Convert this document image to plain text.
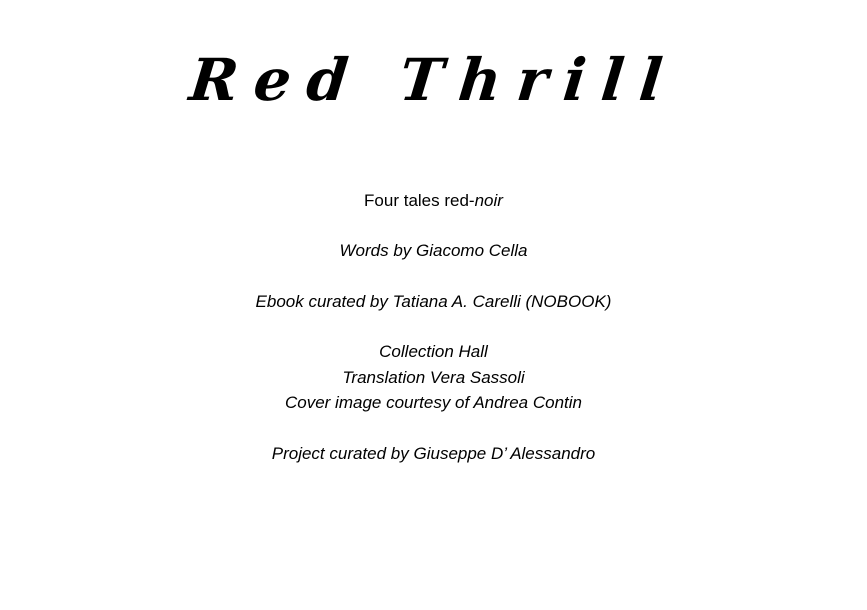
Red Thrill
Four tales red-noir
Words by Giacomo Cella
Ebook curated by Tatiana A. Carelli (NOBOOK)
Collection Hall
Translation Vera Sassoli
Cover image courtesy of Andrea Contin
Project curated by Giuseppe D’ Alessandro
